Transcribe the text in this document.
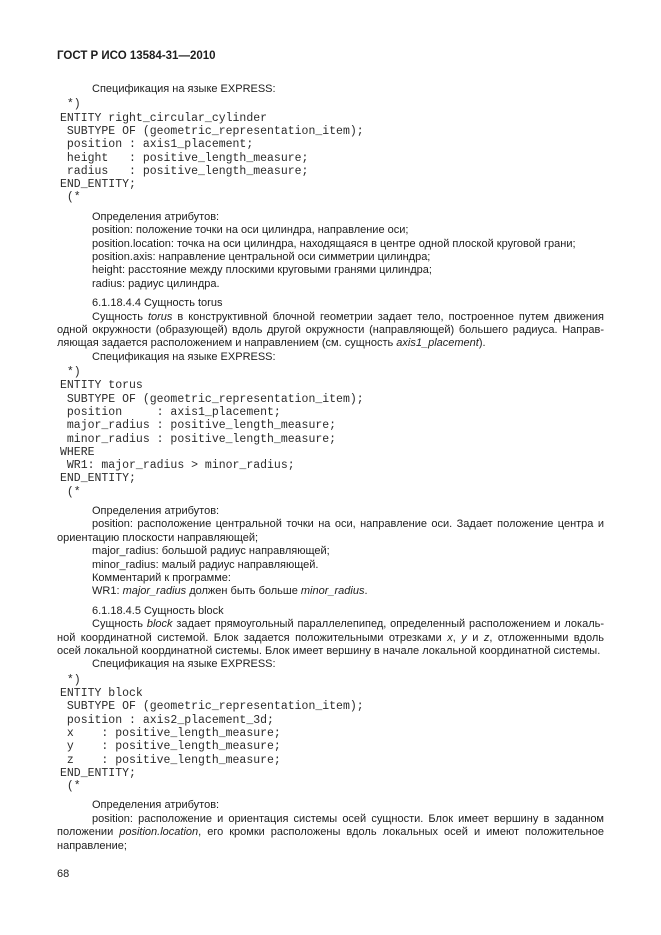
ГОСТ Р ИСО 13584-31—2010
Спецификация на языке EXPRESS:
*)
ENTITY right_circular_cylinder
SUBTYPE OF (geometric_representation_item);
position : axis1_placement;
height   : positive_length_measure;
radius   : positive_length_measure;
END_ENTITY;
(*
Определения атрибутов:
position: положение точки на оси цилиндра, направление оси;
position.location: точка на оси цилиндра, находящаяся в центре одной плоской круговой грани;
position.axis: направление центральной оси симметрии цилиндра;
height: расстояние между плоскими круговыми гранями цилиндра;
radius: радиус цилиндра.
6.1.18.4.4 Сущность torus
Сущность torus в конструктивной блочной геометрии задает тело, построенное путем движения
одной окружности (образующей) вдоль другой окружности (направляющей) большего радиуса. Направ-
ляющая задается расположением и направлением (см. сущность axis1_placement).
Спецификация на языке EXPRESS:
*)
ENTITY torus
SUBTYPE OF (geometric_representation_item);
position     : axis1_placement;
major_radius : positive_length_measure;
minor_radius : positive_length_measure;
WHERE
WR1: major_radius > minor_radius;
END_ENTITY;
(*
Определения атрибутов:
position: расположение центральной точки на оси, направление оси. Задает положение центра и
ориентацию плоскости направляющей;
major_radius: большой радиус направляющей;
minor_radius: малый радиус направляющей.
Комментарий к программе:
WR1: major_radius должен быть больше minor_radius.
6.1.18.4.5 Сущность block
Сущность block задает прямоугольный параллелепипед, определенный расположением и локаль-
ной координатной системой. Блок задается положительными отрезками x, y и z, отложенными вдоль
осей локальной координатной системы. Блок имеет вершину в начале локальной координатной системы.
Спецификация на языке EXPRESS:
*)
ENTITY block
SUBTYPE OF (geometric_representation_item);
position : axis2_placement_3d;
x    : positive_length_measure;
y    : positive_length_measure;
z    : positive_length_measure;
END_ENTITY;
(*
Определения атрибутов:
position: расположение и ориентация системы осей сущности. Блок имеет вершину в заданном
положении position.location, его кромки расположены вдоль локальных осей и имеют положительное
направление;
68
